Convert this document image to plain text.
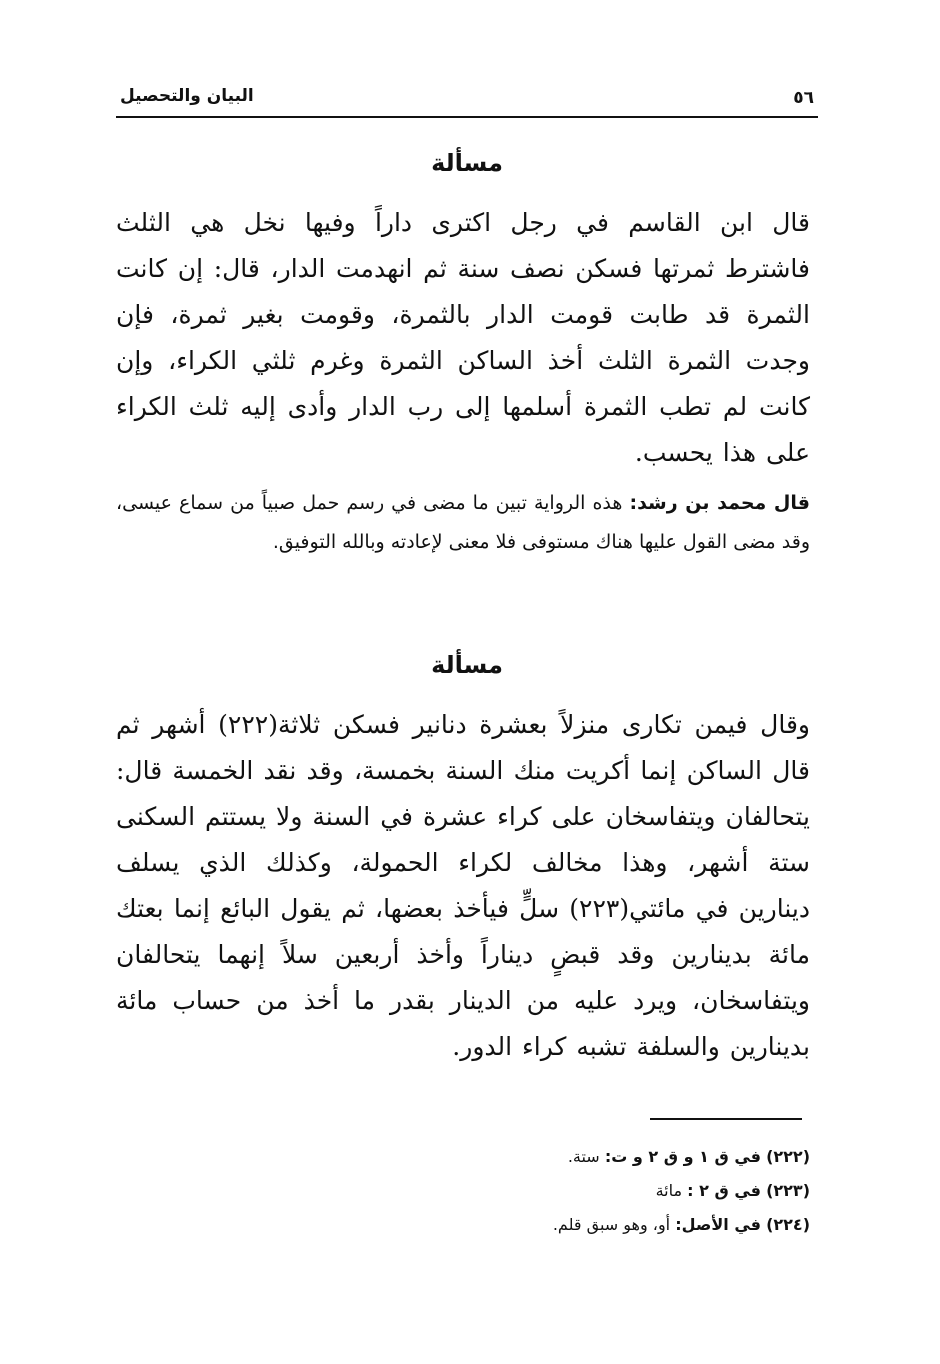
٥٦
البيان والتحصيل
مسألة

قال ابن القاسم في رجل اكترى داراً وفيها نخل هي الثلث فاشترط ثمرتها فسكن نصف سنة ثم انهدمت الدار، قال: إن كانت الثمرة قد طابت قومت الدار بالثمرة، وقومت بغير ثمرة، فإن وجدت الثمرة الثلث أخذ الساكن الثمرة وغرم ثلثي الكراء، وإن كانت لم تطب الثمرة أسلمها إلى رب الدار وأدى إليه ثلث الكراء على هذا يحسب.

قال محمد بن رشد: هذه الرواية تبين ما مضى في رسم حمل صبياً من سماع عيسى، وقد مضى القول عليها هناك مستوفى فلا معنى لإعادته وبالله التوفيق.

مسألة

وقال فيمن تكارى منزلاً بعشرة دنانير فسكن ثلاثة(٢٢٢) أشهر ثم قال الساكن إنما أكريت منك السنة بخمسة، وقد نقد الخمسة قال: يتحالفان ويتفاسخان على كراء عشرة في السنة ولا يستتم السكنى ستة أشهر، وهذا مخالف لكراء الحمولة، وكذلك الذي يسلف دينارين في مائتي(٢٢٣) سلٍّ فيأخذ بعضها، ثم يقول البائع إنما بعتك مائة بدينارين وقد قبضٍ ديناراً وأخذ أربعين سلاً إنهما يتحالفان ويتفاسخان، ويرد عليه من الدينار بقدر ما أخذ من حساب مائة بدينارين والسلفة تشبه كراء الدور.

(٢٢٢) في ق ١ و ق ٢ و ت: ستة.
(٢٢٣) في ق ٢ : مائة
(٢٢٤) في الأصل: أو، وهو سبق قلم.
